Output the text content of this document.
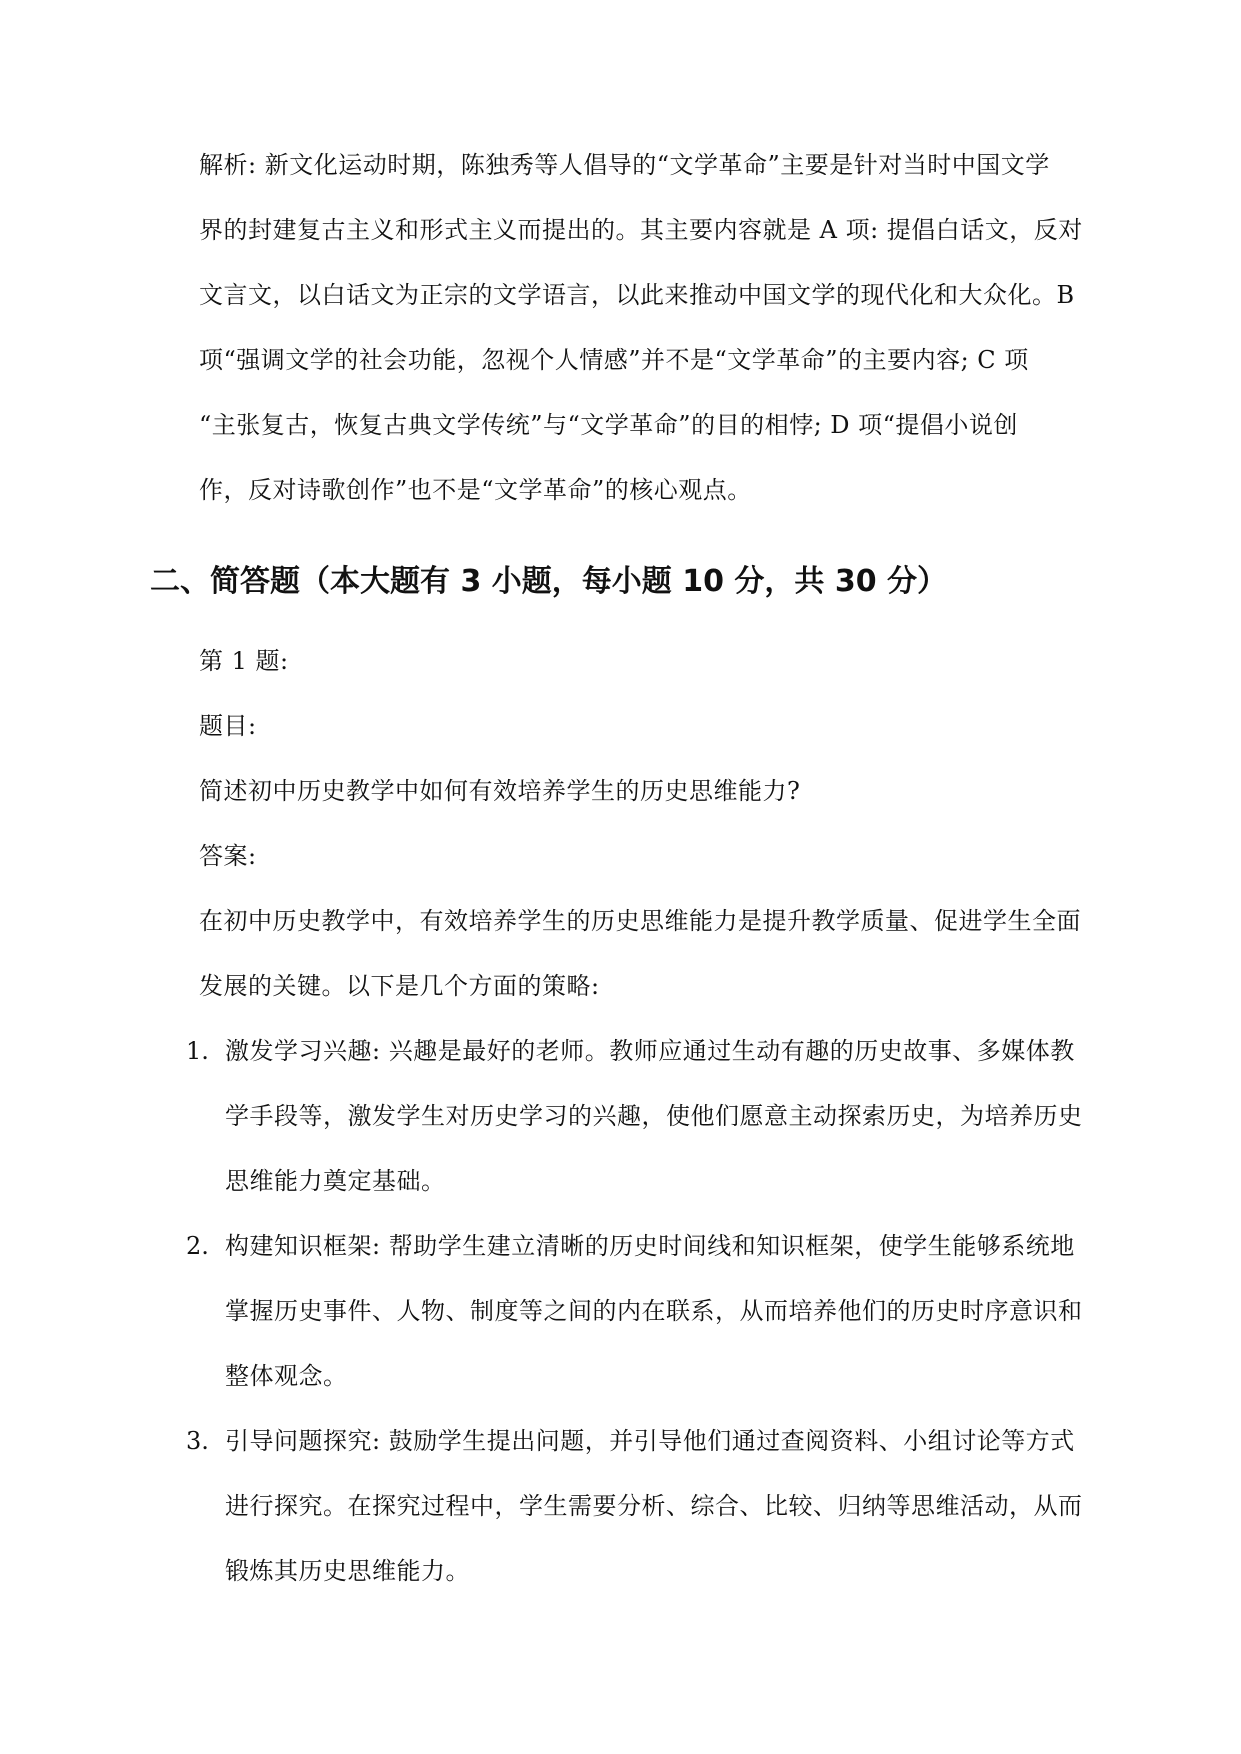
解析: 新文化运动时期，陈独秀等人倡导的“文学革命”主要是针对当时中国文学
界的封建复古主义和形式主义而提出的。其主要内容就是 A 项: 提倡白话文，反对
文言文，以白话文为正宗的文学语言，以此来推动中国文学的现代化和大众化。B
项“强调文学的社会功能，忽视个人情感”并不是“文学革命”的主要内容; C 项
“主张复古，恢复古典文学传统”与“文学革命”的目的相悖; D 项“提倡小说创
作，反对诗歌创作”也不是“文学革命”的核心观点。
二、简答题（本大题有 3 小题，每小题 10 分，共 30 分）
第 1 题:
题目:
简述初中历史教学中如何有效培养学生的历史思维能力?
答案:
在初中历史教学中，有效培养学生的历史思维能力是提升教学质量、促进学生全面
发展的关键。以下是几个方面的策略:
1. 激发学习兴趣: 兴趣是最好的老师。教师应通过生动有趣的历史故事、多媒体教
学手段等，激发学生对历史学习的兴趣，使他们愿意主动探索历史，为培养历史
思维能力奠定基础。
2. 构建知识框架: 帮助学生建立清晰的历史时间线和知识框架，使学生能够系统地
掌握历史事件、人物、制度等之间的内在联系，从而培养他们的历史时序意识和
整体观念。
3. 引导问题探究: 鼓励学生提出问题，并引导他们通过查阅资料、小组讨论等方式
进行探究。在探究过程中，学生需要分析、综合、比较、归纳等思维活动，从而
锻炼其历史思维能力。
